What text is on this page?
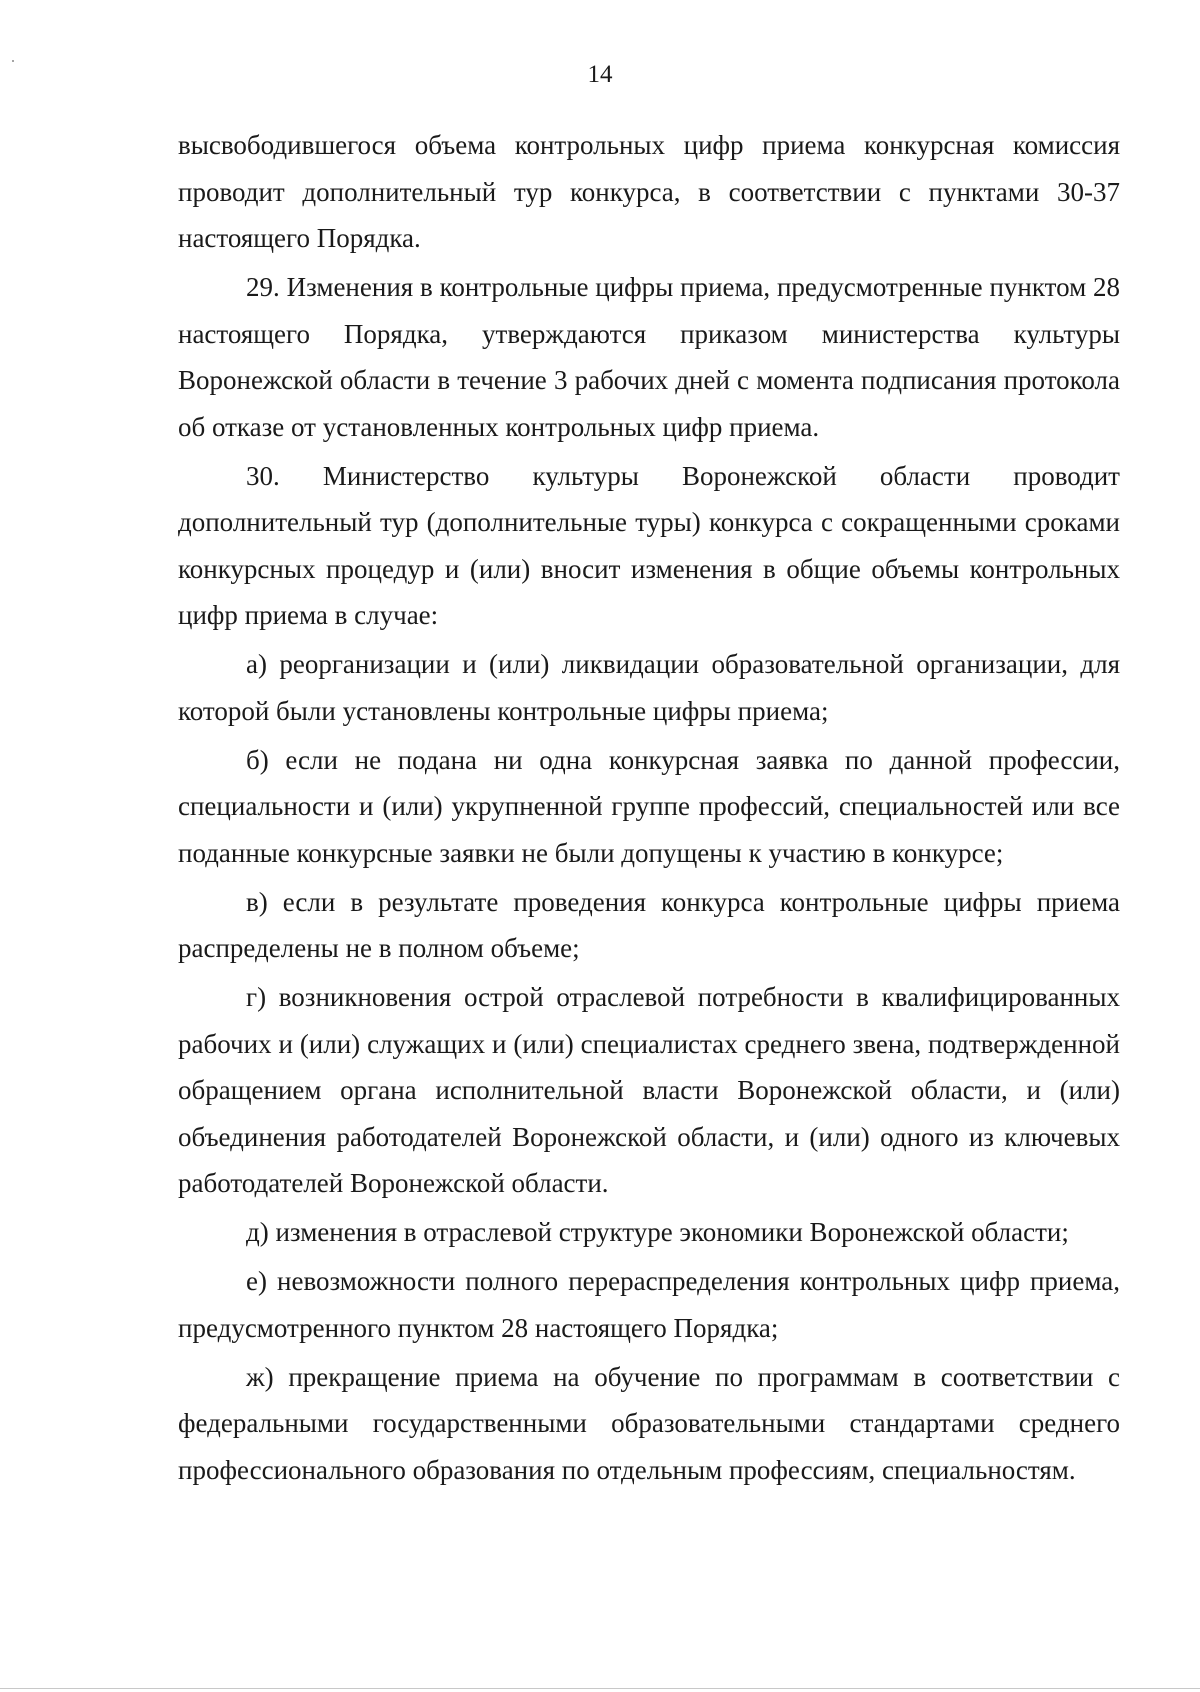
14

высвободившегося объема контрольных цифр приема конкурсная комиссия проводит дополнительный тур конкурса, в соответствии с пунктами 30-37 настоящего Порядка.

29. Изменения в контрольные цифры приема, предусмотренные пунктом 28 настоящего Порядка, утверждаются приказом министерства культуры Воронежской области в течение 3 рабочих дней с момента подписания протокола об отказе от установленных контрольных цифр приема.

30. Министерство культуры Воронежской области проводит дополнительный тур (дополнительные туры) конкурса с сокращенными сроками конкурсных процедур и (или) вносит изменения в общие объемы контрольных цифр приема в случае:

а) реорганизации и (или) ликвидации образовательной организации, для которой были установлены контрольные цифры приема;

б) если не подана ни одна конкурсная заявка по данной профессии, специальности и (или) укрупненной группе профессий, специальностей или все поданные конкурсные заявки не были допущены к участию в конкурсе;

в) если в результате проведения конкурса контрольные цифры приема распределены не в полном объеме;

г) возникновения острой отраслевой потребности в квалифицированных рабочих и (или) служащих и (или) специалистах среднего звена, подтвержденной обращением органа исполнительной власти Воронежской области, и (или) объединения работодателей Воронежской области, и (или) одного из ключевых работодателей Воронежской области.

д) изменения в отраслевой структуре экономики Воронежской области;

е) невозможности полного перераспределения контрольных цифр приема, предусмотренного пунктом 28 настоящего Порядка;

ж) прекращение приема на обучение по программам в соответствии с федеральными государственными образовательными стандартами среднего профессионального образования по отдельным профессиям, специальностям.
